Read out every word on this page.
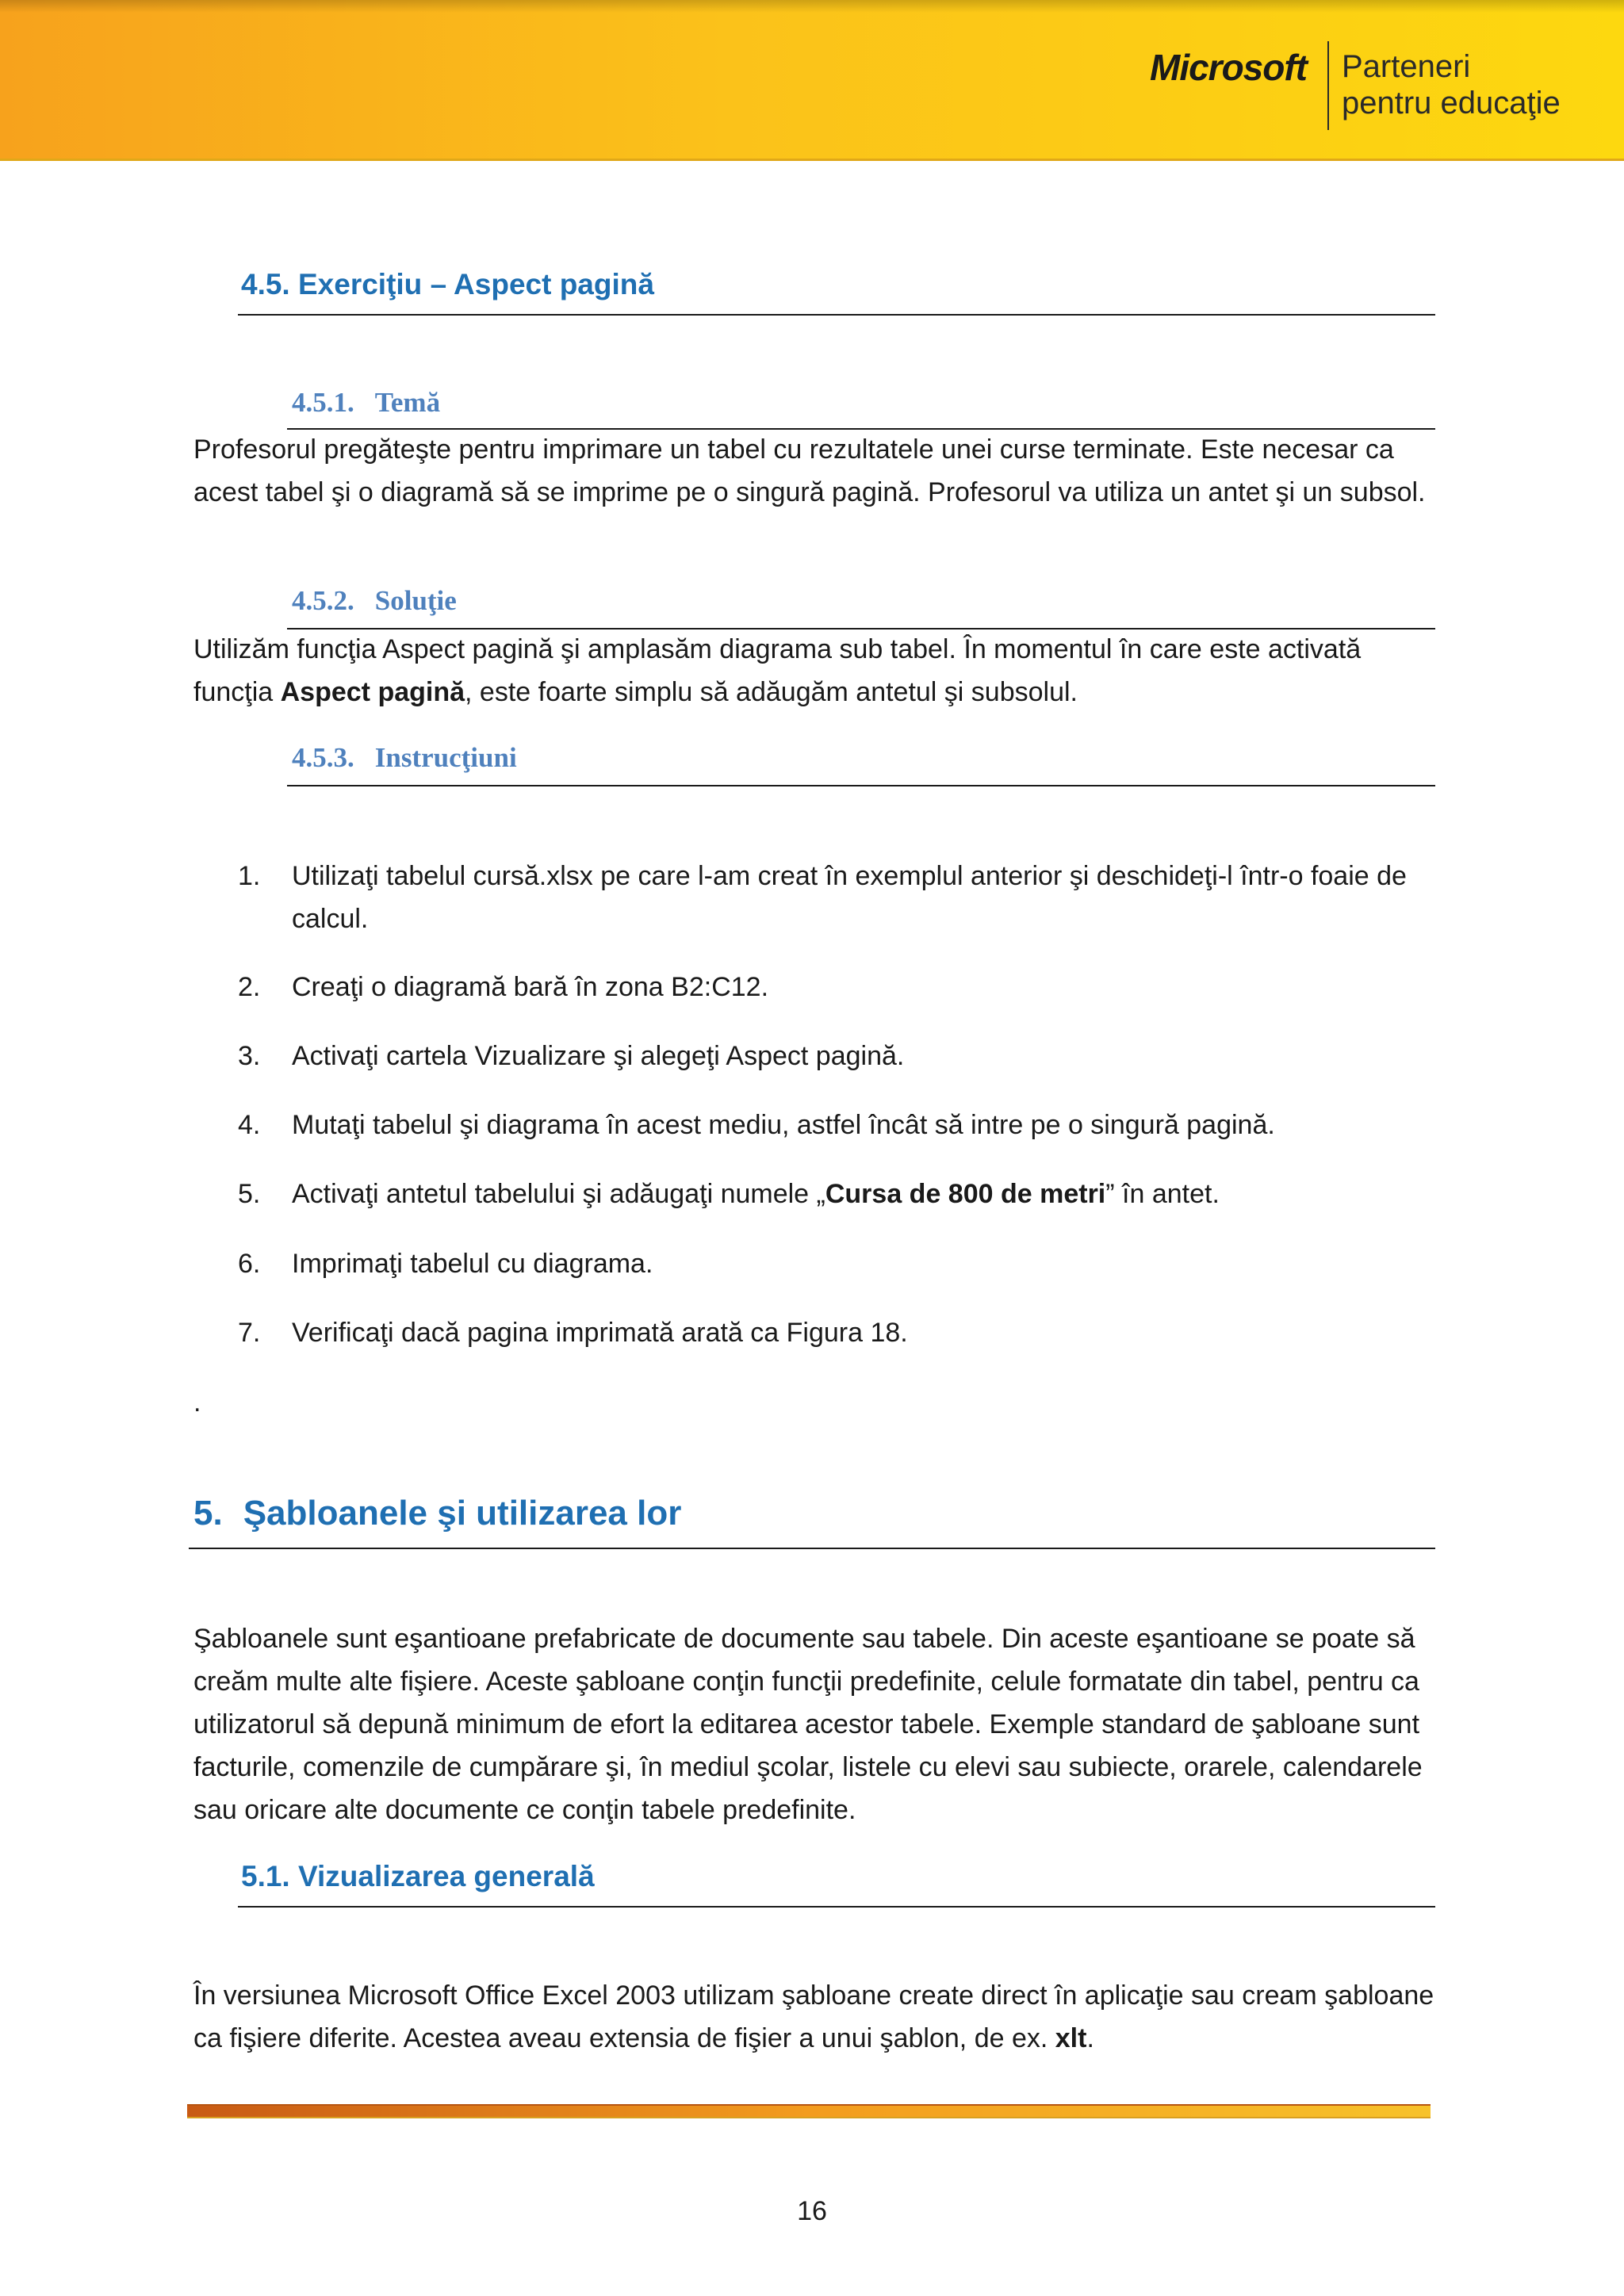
Microsoft Parteneri
pentru educaţie
4.5. Exerciţiu – Aspect pagină
4.5.1. Temă

Profesorul pregăteşte pentru imprimare un tabel cu rezultatele unei curse terminate. Este necesar ca acest tabel şi o diagramă să se imprime pe o singură pagină. Profesorul va utiliza un antet şi un subsol.

4.5.2. Soluţie

Utilizăm funcţia Aspect pagină şi amplasăm diagrama sub tabel. În momentul în care este activată funcţia Aspect pagină, este foarte simplu să adăugăm antetul şi subsolul.

4.5.3. Instrucţiuni
1. Utilizaţi tabelul cursă.xlsx pe care l-am creat în exemplul anterior şi deschideţi-l într-o foaie de calcul.
2. Creaţi o diagramă bară în zona B2:C12.
3. Activaţi cartela Vizualizare şi alegeţi Aspect pagină.
4. Mutaţi tabelul şi diagrama în acest mediu, astfel încât să intre pe o singură pagină.
5. Activaţi antetul tabelului şi adăugaţi numele „Cursa de 800 de metri” în antet.
6. Imprimaţi tabelul cu diagrama.
7. Verificaţi dacă pagina imprimată arată ca Figura 18.

.

5. Şabloanele şi utilizarea lor

Şabloanele sunt eşantioane prefabricate de documente sau tabele. Din aceste eşantioane se poate să creăm multe alte fişiere. Aceste şabloane conţin funcţii predefinite, celule formatate din tabel, pentru ca utilizatorul să depună minimum de efort la editarea acestor tabele. Exemple standard de şabloane sunt facturile, comenzile de cumpărare şi, în mediul şcolar, listele cu elevi sau subiecte, orarele, calendarele sau oricare alte documente ce conţin tabele predefinite.

5.1. Vizualizarea generală

În versiunea Microsoft Office Excel 2003 utilizam şabloane create direct în aplicaţie sau cream şabloane ca fişiere diferite. Acestea aveau extensia de fişier a unui şablon, de ex. xlt.

16
